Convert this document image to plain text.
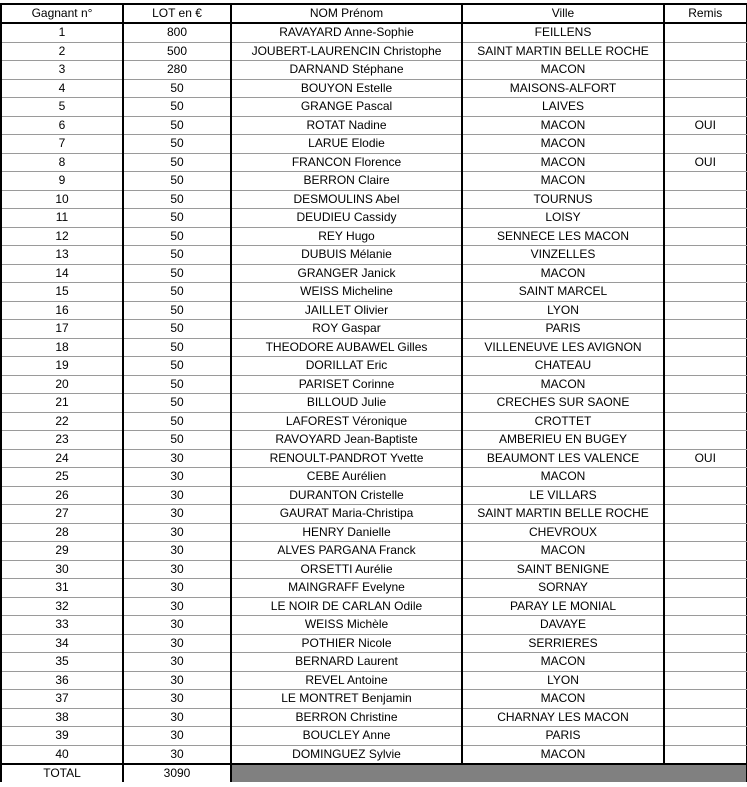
Gagnant n°	LOT en €	NOM Prénom	Ville	Remis
1	800	RAVAYARD Anne-Sophie	FEILLENS	
2	500	JOUBERT-LAURENCIN Christophe	SAINT MARTIN BELLE ROCHE	
3	280	DARNAND Stéphane	MACON	
4	50	BOUYON Estelle	MAISONS-ALFORT	
5	50	GRANGE Pascal	LAIVES	
6	50	ROTAT Nadine	MACON	OUI
7	50	LARUE Elodie	MACON	
8	50	FRANCON Florence	MACON	OUI
9	50	BERRON Claire	MACON	
10	50	DESMOULINS Abel	TOURNUS	
11	50	DEUDIEU Cassidy	LOISY	
12	50	REY Hugo	SENNECE LES MACON	
13	50	DUBUIS Mélanie	VINZELLES	
14	50	GRANGER Janick	MACON	
15	50	WEISS Micheline	SAINT MARCEL	
16	50	JAILLET Olivier	LYON	
17	50	ROY Gaspar	PARIS	
18	50	THEODORE AUBAWEL Gilles	VILLENEUVE LES AVIGNON	
19	50	DORILLAT Eric	CHATEAU	
20	50	PARISET Corinne	MACON	
21	50	BILLOUD Julie	CRECHES SUR SAONE	
22	50	LAFOREST Véronique	CROTTET	
23	50	RAVOYARD Jean-Baptiste	AMBERIEU EN BUGEY	
24	30	RENOULT-PANDROT Yvette	BEAUMONT LES VALENCE	OUI
25	30	CEBE Aurélien	MACON	
26	30	DURANTON Cristelle	LE VILLARS	
27	30	GAURAT Maria-Christipa	SAINT MARTIN BELLE ROCHE	
28	30	HENRY Danielle	CHEVROUX	
29	30	ALVES PARGANA Franck	MACON	
30	30	ORSETTI Aurélie	SAINT BENIGNE	
31	30	MAINGRAFF Evelyne	SORNAY	
32	30	LE NOIR DE CARLAN Odile	PARAY LE MONIAL	
33	30	WEISS Michèle	DAVAYE	
34	30	POTHIER Nicole	SERRIERES	
35	30	BERNARD Laurent	MACON	
36	30	REVEL Antoine	LYON	
37	30	LE MONTRET Benjamin	MACON	
38	30	BERRON Christine	CHARNAY LES MACON	
39	30	BOUCLEY Anne	PARIS	
40	30	DOMINGUEZ Sylvie	MACON	
TOTAL	3090			
